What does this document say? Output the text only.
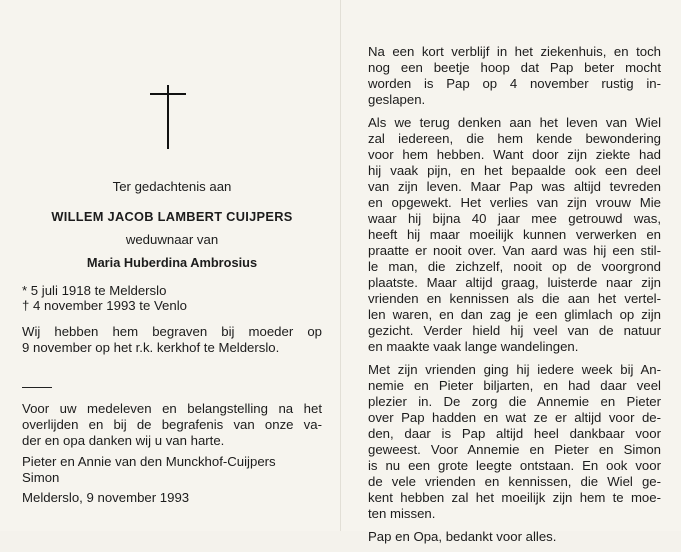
Ter gedachtenis aan
WILLEM JACOB LAMBERT CUIJPERS
weduwnaar van
Maria Huberdina Ambrosius
* 5 juli 1918 te Melderslo
† 4 november 1993 te Venlo
Wij hebben hem begraven bij moeder op
9 november op het r.k. kerkhof te Melderslo.
Voor uw medeleven en belangstelling na het
overlijden en bij de begrafenis van onze va-
der en opa danken wij u van harte.
Pieter en Annie van den Munckhof-Cuijpers
Simon
Melderslo, 9 november 1993

Na een kort verblijf in het ziekenhuis, en toch
nog een beetje hoop dat Pap beter mocht
worden is Pap op 4 november rustig in-
geslapen.

Als we terug denken aan het leven van Wiel
zal iedereen, die hem kende bewondering
voor hem hebben. Want door zijn ziekte had
hij vaak pijn, en het bepaalde ook een deel
van zijn leven. Maar Pap was altijd tevreden
en opgewekt. Het verlies van zijn vrouw Mie
waar hij bijna 40 jaar mee getrouwd was,
heeft hij maar moeilijk kunnen verwerken en
praatte er nooit over. Van aard was hij een stil-
le man, die zichzelf, nooit op de voorgrond
plaatste. Maar altijd graag, luisterde naar zijn
vrienden en kennissen als die aan het vertel-
len waren, en dan zag je een glimlach op zijn
gezicht. Verder hield hij veel van de natuur
en maakte vaak lange wandelingen.

Met zijn vrienden ging hij iedere week bij An-
nemie en Pieter biljarten, en had daar veel
plezier in. De zorg die Annemie en Pieter
over Pap hadden en wat ze er altijd voor de-
den, daar is Pap altijd heel dankbaar voor
geweest. Voor Annemie en Pieter en Simon
is nu een grote leegte ontstaan. En ook voor
de vele vrienden en kennissen, die Wiel ge-
kent hebben zal het moeilijk zijn hem te moe-
ten missen.

Pap en Opa, bedankt voor alles.
